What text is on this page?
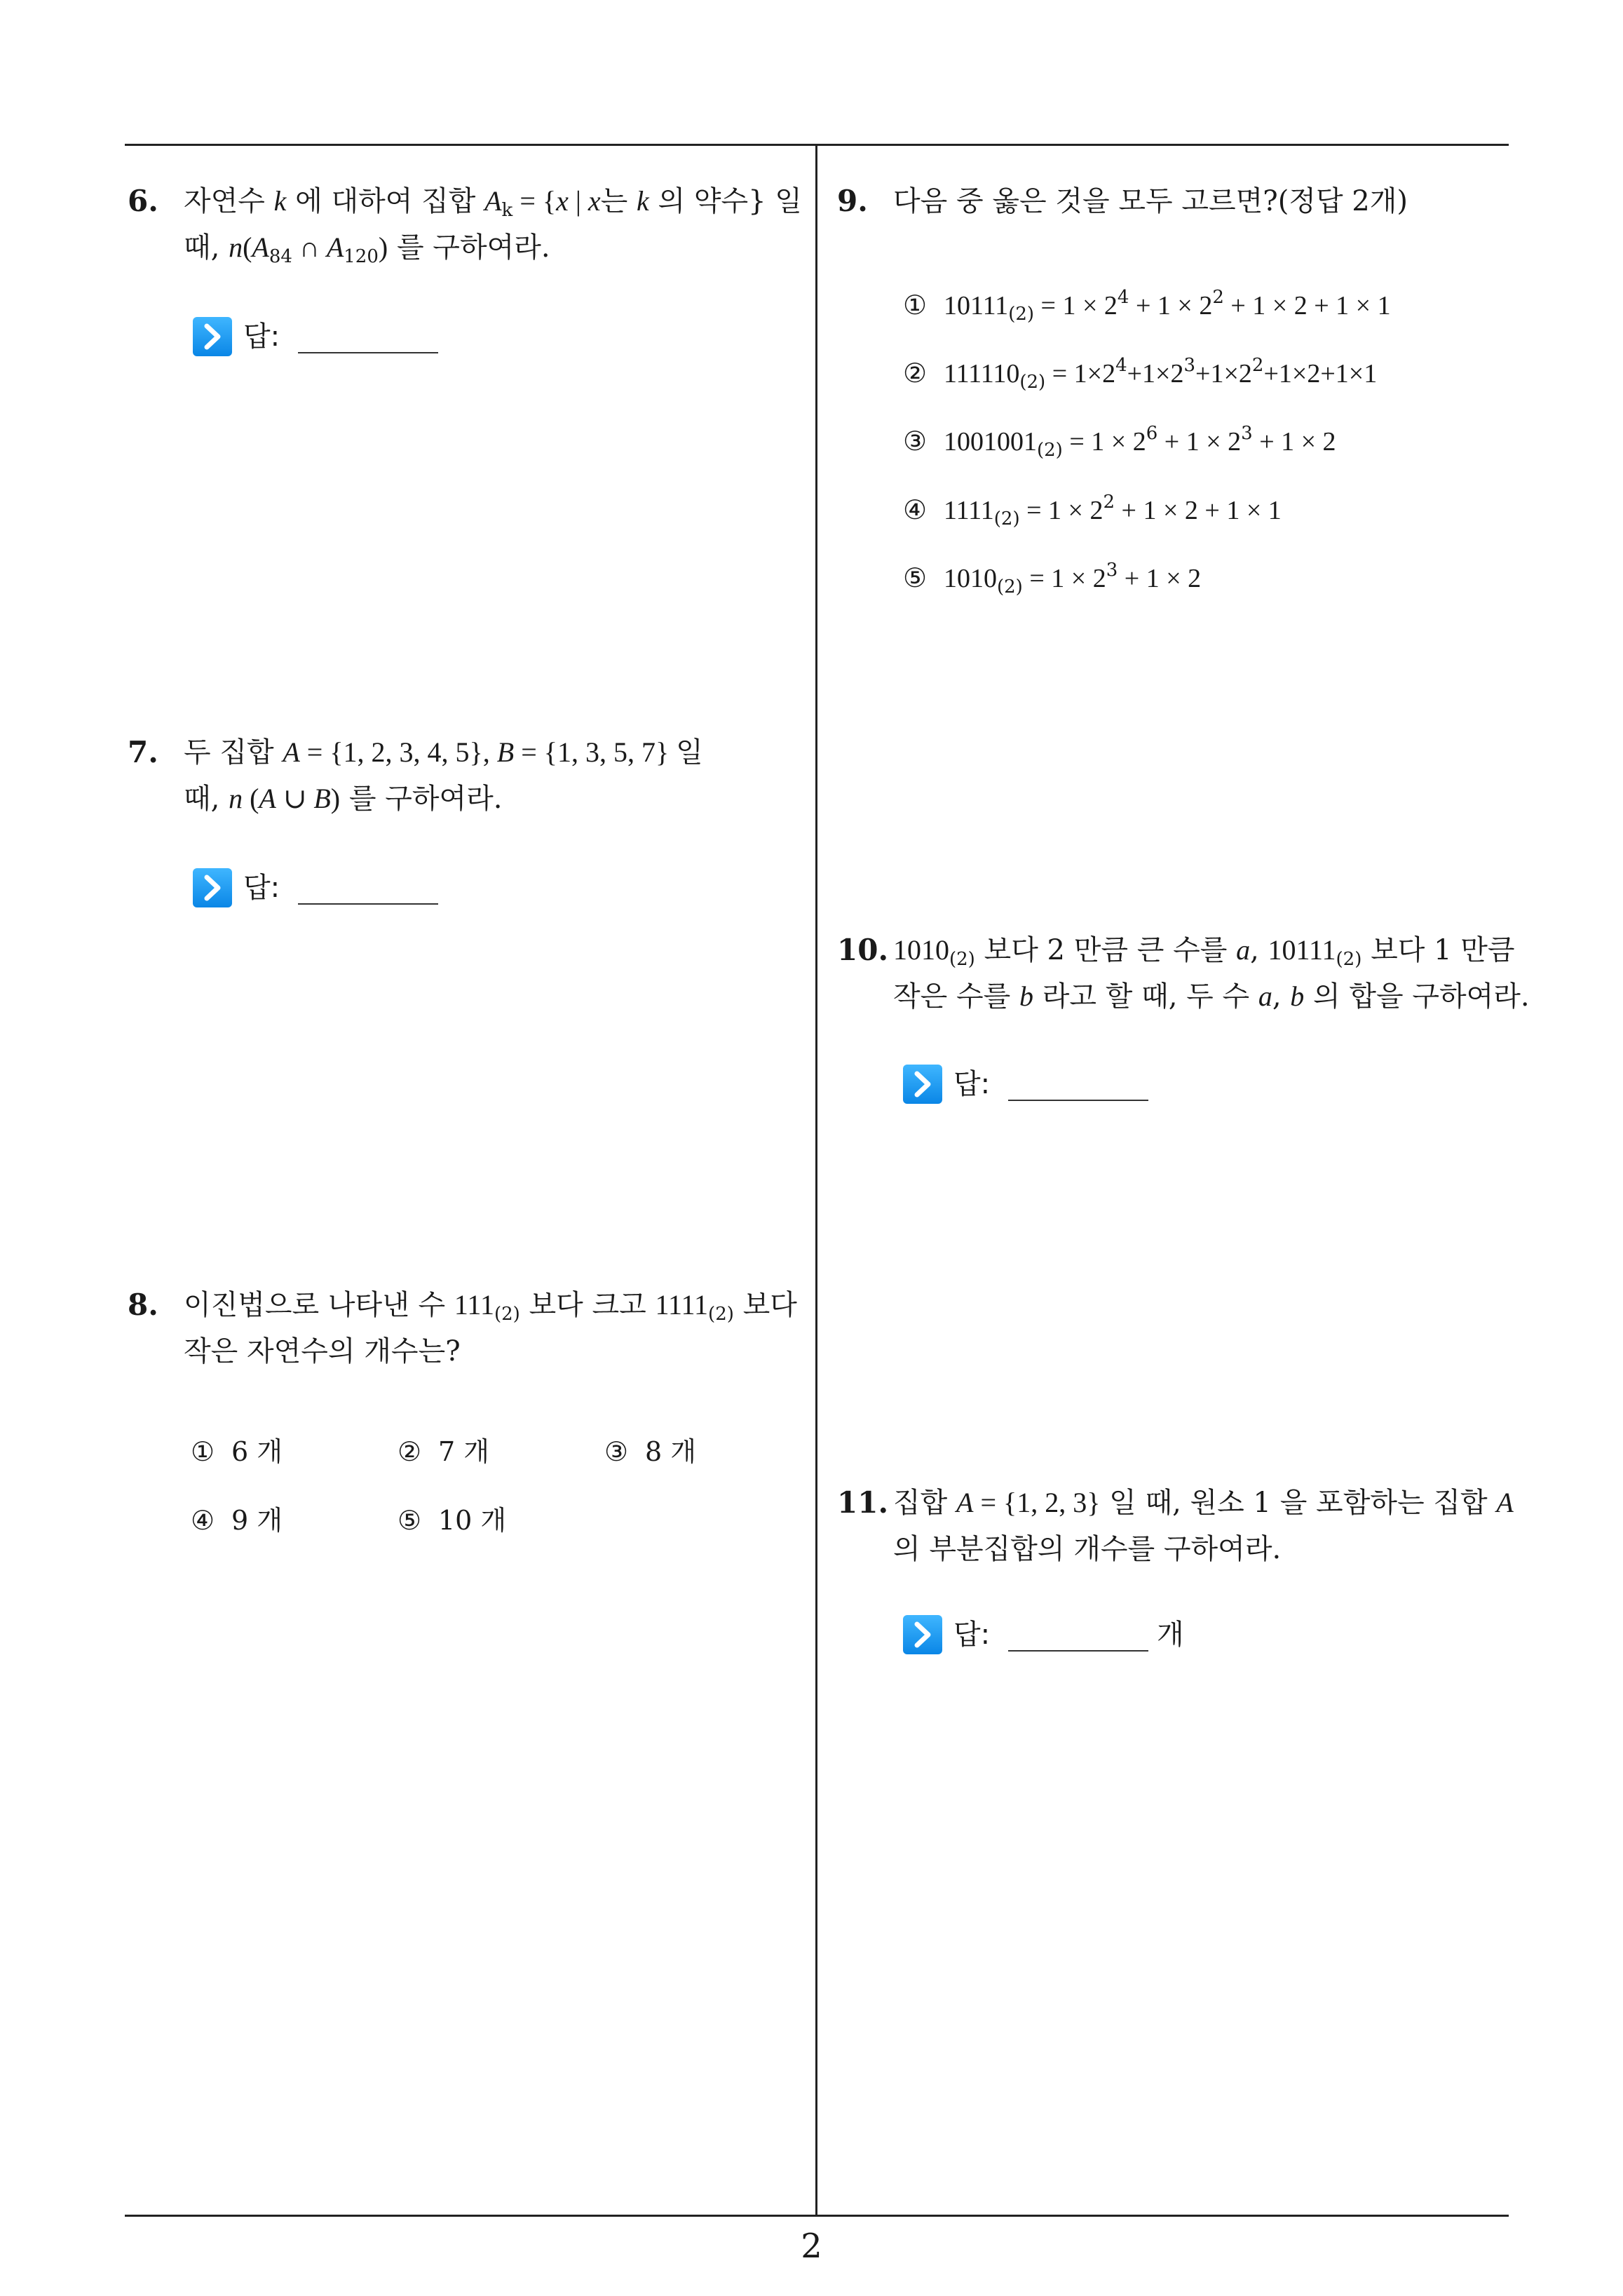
6. 자연수 k 에 대하여 집합 $A_k = \{x$ | x는 k 의 약수} 일
때, $n(A_{84}$ ∩ $A_{120}$) 를 구하여라.
답:
7. 두 집합 A = {1, 2, 3, 4, 5}, B = {1, 3, 5, 7} 일
때, n (A ∪ B) 를 구하여라.
답:
8. 이진법으로 나타낸 수 $111_{(2)}$ 보다 크고 $1111_{(2)}$ 보다
작은 자연수의 개수는?
① 6 개	② 7 개	③ 8 개
④ 9 개	⑤ 10 개
9. 다음 중 옳은 것을 모두 고르면?(정답 2개)
① $10111_{(2)} = 1 \times 2^4 + 1 \times 2^2 + 1 \times 2 + 1 \times 1$
② $111110_{(2)} = 1\times 2^4+1\times 2^3+1\times 2^2+1\times 2+1\times 1$
③ $1001001_{(2)} = 1 \times 2^6 + 1 \times 2^3 + 1 \times 2$
④ $1111_{(2)} = 1 \times 2^2 + 1 \times 2 + 1 \times 1$
⑤ $1010_{(2)} = 1 \times 2^3 + 1 \times 2$
10. $1010_{(2)}$ 보다 2 만큼 큰 수를 a, $10111_{(2)}$ 보다 1 만큼
작은 수를 b 라고 할 때, 두 수 a, b 의 합을 구하여라.
답:
11. 집합 A = {1, 2, 3} 일 때, 원소 1 을 포함하는 집합 A
의 부분집합의 개수를 구하여라.
답:	개
2
